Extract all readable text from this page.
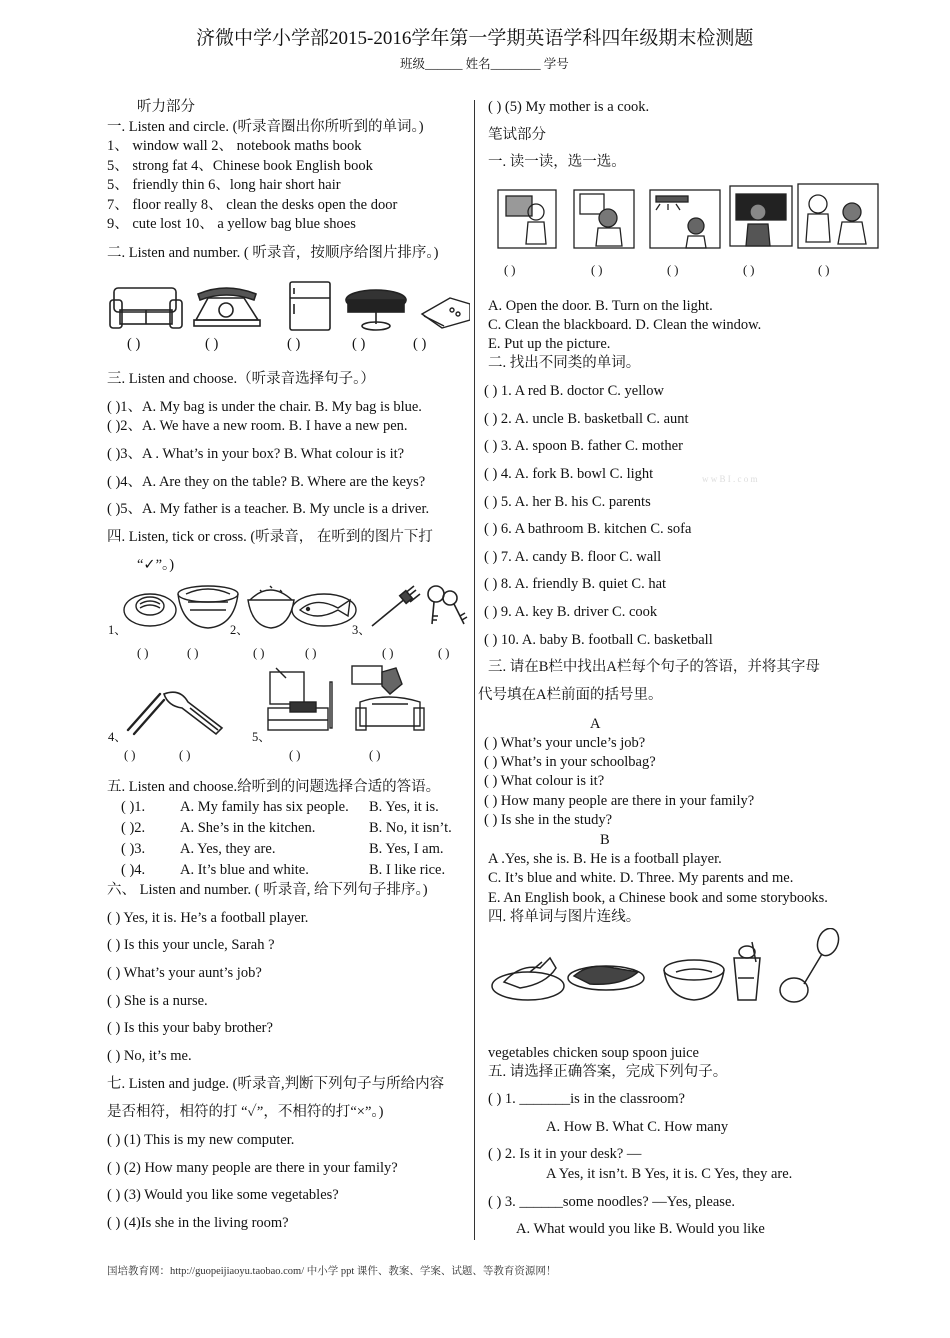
济微中学小学部2015-2016学年第一学期英语学科四年级期末检测题
班级______ 姓名________ 学号
听力部分
一. Listen and circle. (听录音圈出你所听到的单词。)
1、 window wall 2、 notebook maths book
5、 strong fat 4、Chinese book English book
5、 friendly thin 6、long hair short hair
7、 floor really 8、 clean the desks open the door
9、 cute lost 10、 a yellow bag blue shoes
二. Listen and number. ( 听录音，按顺序给图片排序。)
( )	( )	( )	( )	( )
三. Listen and choose.（听录音选择句子。）
( )1、A. My bag is under the chair. B. My bag is blue.
( )2、A. We have a new room. B. I have a new pen.
( )3、A . What’s in your box? B. What colour is it?
( )4、A. Are they on the table? B. Where are the keys?
( )5、A. My father is a teacher. B. My uncle is a driver.
四. Listen, tick or cross. (听录音， 在听到的图片下打
“✓”。)
1、	2、	3、
( )	( )	( )	( )	( )	( )
4、	5、
( )	( )	( )	( )
五. Listen and choose.给听到的问题选择合适的答语。
( )1. A. My family has six people. B. Yes, it is.
( )2. A. She’s in the kitchen.	B. No, it isn’t.
( )3. A. Yes, they are.	B. Yes, I am.
( )4. A. It’s blue and white.	B. I like rice.
六、 Listen and number. ( 听录音, 给下列句子排序。)
( ) Yes, it is. He’s a football player.
( ) Is this your uncle, Sarah ?
( ) What’s your aunt’s job?
( ) She is a nurse.
( ) Is this your baby brother?
( ) No, it’s me.
七. Listen and judge. (听录音,判断下列句子与所给内容
是否相符，相符的打 “✓”，不相符的打“×”。)
( ) (1) This is my new computer.
( ) (2) How many people are there in your family?
( ) (3) Would you like some vegetables?
( ) (4)Is she in the living room?
( ) (5) My mother is a cook.
笔试部分
一. 读一读，选一选。
( )	( )	( )	( )	( )
A. Open the door. B. Turn on the light.
C. Clean the blackboard. D. Clean the window.
E. Put up the picture.
二. 找出不同类的单词。
( ) 1. A red B. doctor C. yellow
( ) 2. A. uncle B. basketball C. aunt
( ) 3. A. spoon B. father C. mother
( ) 4. A. fork B. bowl C. light	w w B I . c o m
( ) 5. A. her B. his C. parents
( ) 6. A bathroom B. kitchen C. sofa
( ) 7. A. candy B. floor C. wall
( ) 8. A. friendly B. quiet C. hat
( ) 9. A. key B. driver C. cook
( ) 10. A. baby B. football C. basketball
三. 请在B栏中找出A栏每个句子的答语，并将其字母
代号填在A栏前面的括号里。
A
( ) What’s your uncle’s job?
( ) What’s in your schoolbag?
( ) What colour is it?
( ) How many people are there in your family?
( ) Is she in the study?
B
A .Yes, she is. B. He is a football player.
C. It’s blue and white. D. Three. My parents and me.
E. An English book, a Chinese book and some storybooks.
四. 将单词与图片连线。
vegetables chicken soup spoon juice
五. 请选择正确答案，完成下列句子。
( ) 1. _______is in the classroom?
A. How B. What C. How many
( ) 2. Is it in your desk? —
A Yes, it isn’t. B Yes, it is. C Yes, they are.
( ) 3. ______some noodles? —Yes, please.
A. What would you like B. Would you like
国培教育网：http://guopeijiaoyu.taobao.com/ 中小学 ppt 课件、教案、学案、试题、等教育资源网！
